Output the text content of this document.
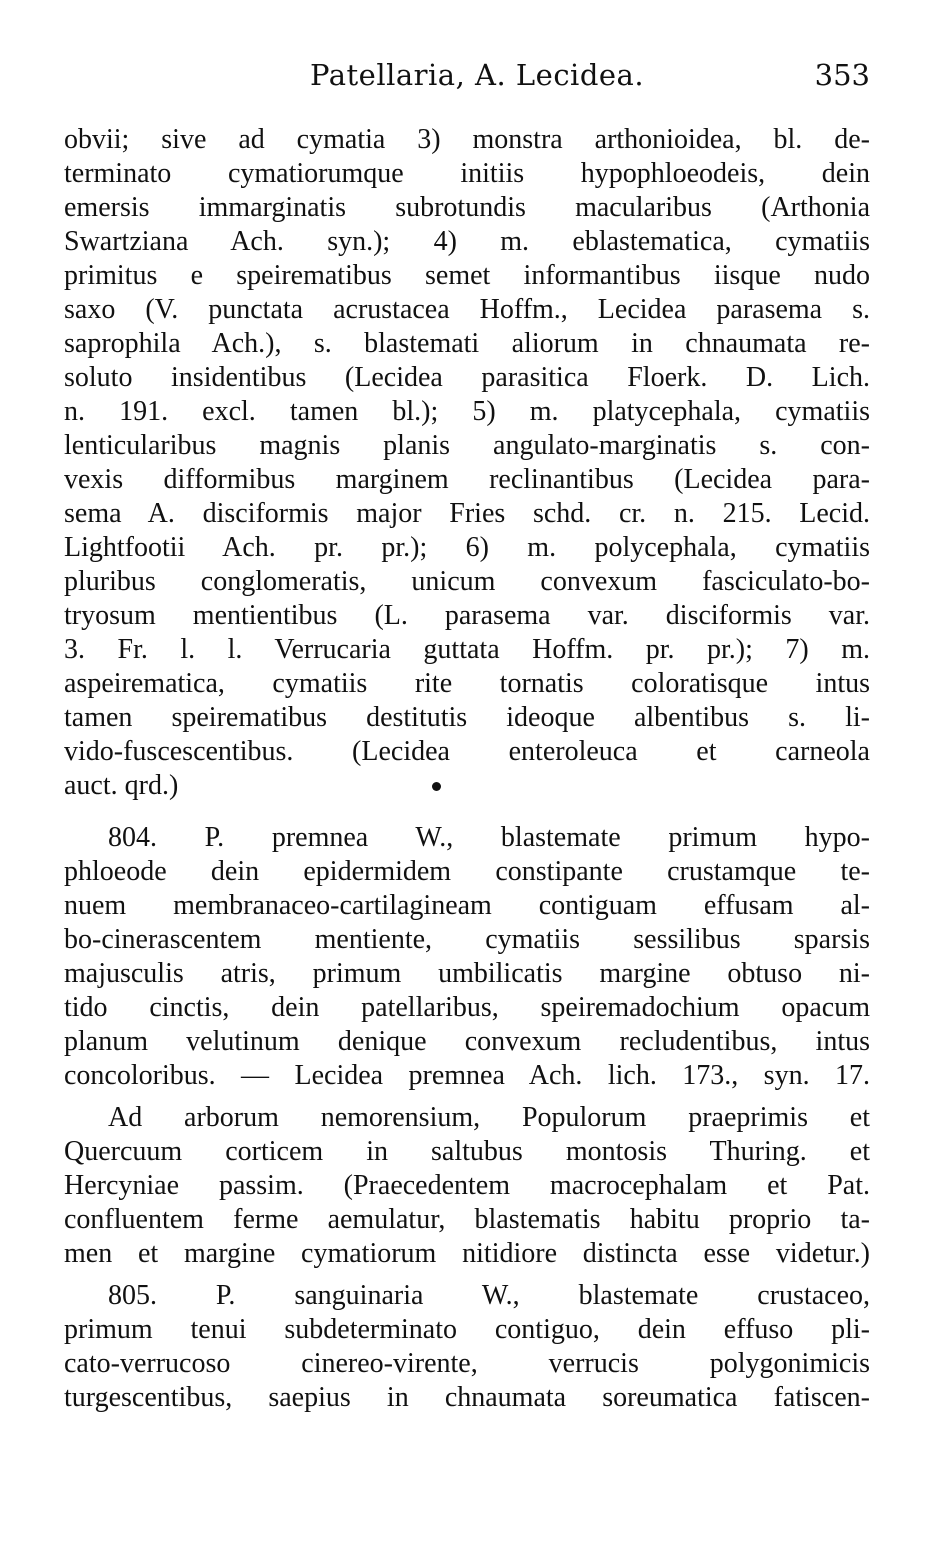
Patellaria, A. Lecidea.	353
obvii; sive ad cymatia 3) monstra arthonioidea, bl. de-
terminato cymatiorumque initiis hypophloeodeis, dein
emersis immarginatis subrotundis macularibus (Arthonia
Swartziana Ach. syn.); 4) m. eblastematica, cymatiis
primitus e speirematibus semet informantibus iisque nudo
saxo (V. punctata acrustacea Hoffm., Lecidea parasema s.
saprophila Ach.), s. blastemati aliorum in chnaumata re-
soluto insidentibus (Lecidea parasitica Floerk. D. Lich.
n. 191. excl. tamen bl.); 5) m. platycephala, cymatiis
lenticularibus magnis planis angulato-marginatis s. con-
vexis difformibus marginem reclinantibus (Lecidea para-
sema A. disciformis major Fries schd. cr. n. 215. Lecid.
Lightfootii Ach. pr. pr.); 6) m. polycephala, cymatiis
pluribus conglomeratis, unicum convexum fasciculato-bo-
tryosum mentientibus (L. parasema var. disciformis var.
3. Fr. l. l. Verrucaria guttata Hoffm. pr. pr.); 7) m.
aspeirematica, cymatiis rite tornatis coloratisque intus
tamen speirematibus destitutis ideoque albentibus s. li-
vido-fuscescentibus. (Lecidea enteroleuca et carneola
auct. qrd.)
804. P. premnea W., blastemate primum hypo-
phloeode dein epidermidem constipante crustamque te-
nuem membranaceo-cartilagineam contiguam effusam al-
bo-cinerascentem mentiente, cymatiis sessilibus sparsis
majusculis atris, primum umbilicatis margine obtuso ni-
tido cinctis, dein patellaribus, speiremadochium opacum
planum velutinum denique convexum recludentibus, intus
concoloribus. — Lecidea premnea Ach. lich. 173., syn. 17.
Ad arborum nemorensium, Populorum praeprimis et
Quercuum corticem in saltubus montosis Thuring. et
Hercyniae passim. (Praecedentem macrocephalam et Pat.
confluentem ferme aemulatur, blastematis habitu proprio ta-
men et margine cymatiorum nitidiore distincta esse videtur.)
805. P. sanguinaria W., blastemate crustaceo,
primum tenui subdeterminato contiguo, dein effuso pli-
cato-verrucoso cinereo-virente, verrucis polygonimicis
turgescentibus, saepius in chnaumata soreumatica fatiscen-
